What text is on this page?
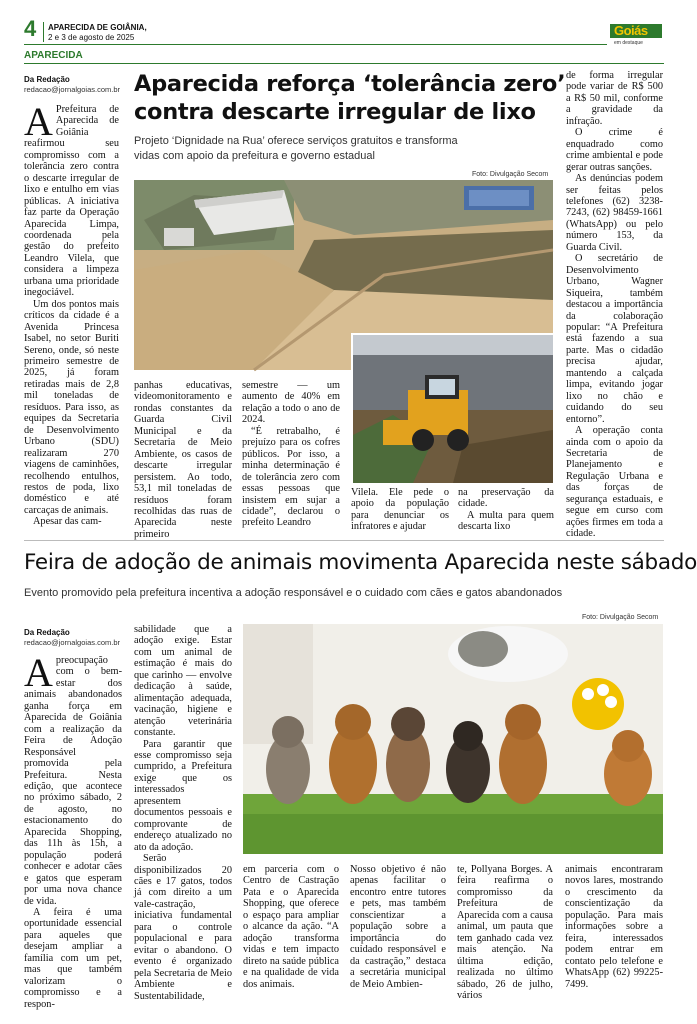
4 APARECIDA DE GOIÂNIA,
2 e 3 de agosto de 2025
APARECIDA
Goiás
em destaque
Da Redação
redacao@jornalgoias.com.br Aparecida reforça ‘tolerância zero’
contra descarte irregular de lixo
Projeto ‘Dignidade na Rua’ oferece serviços gratuitos e transforma
vidas com apoio da prefeitura e governo estadual
Foto: Divulgação Secom
A Prefeitura de Aparecida de Goiânia reafirmou seu compromisso com a tolerância zero contra o descarte irregular de lixo e entulho em vias públicas. A iniciativa faz parte da Operação Aparecida Limpa, coordenada pela gestão do prefeito Leandro Vilela, que considera a limpeza urbana uma prioridade inegociável.

Um dos pontos mais críticos da cidade é a Avenida Princesa Isabel, no setor Buriti Sereno, onde, só neste primeiro semestre de 2025, já foram retiradas mais de 2,8 mil toneladas de resíduos. Para isso, as equipes da Secretaria de Desenvolvimento Urbano (SDU) realizaram 270 viagens de caminhões, recolhendo entulhos, restos de poda, lixo doméstico e até carcaças de animais.

Apesar das cam-

panhas educativas, videomonitoramento e rondas constantes da Guarda Civil Municipal e da Secretaria de Meio Ambiente, os casos de descarte irregular persistem. Ao todo, 53,1 mil toneladas de resíduos foram recolhidas das ruas de Aparecida neste primeiro

semestre — um aumento de 40% em relação a todo o ano de 2024.

“É retrabalho, é prejuízo para os cofres públicos. Por isso, a minha determinação é de tolerância zero com essas pessoas que insistem em sujar a cidade”, declarou o prefeito Leandro

Vilela. Ele pede o apoio da população para denunciar os infratores e ajudar

na preservação da cidade.

A multa para quem descarta lixo

de forma irregular pode variar de R$ 500 a R$ 50 mil, conforme a gravidade da infração.

O crime é enquadrado como crime ambiental e pode gerar outras sanções.

As denúncias podem ser feitas pelos telefones (62) 3238-7243, (62) 98459-1661 (WhatsApp) ou pelo número 153, da Guarda Civil.

O secretário de Desenvolvimento Urbano, Wagner Siqueira, também destacou a importância da colaboração popular: “A Prefeitura está fazendo a sua parte. Mas o cidadão precisa ajudar, mantendo a calçada limpa, evitando jogar lixo no chão e cuidando do seu entorno”.

A operação conta ainda com o apoio da Secretaria de Planejamento e Regulação Urbana e das forças de segurança estaduais, e segue em curso com ações firmes em toda a cidade.

Feira de adoção de animais movimenta Aparecida neste sábado
Evento promovido pela prefeitura incentiva a adoção responsável e o cuidado com cães e gatos abandonados
Foto: Divulgação Secom
Da Redação
redacao@jornalgoias.com.br
A preocupação com o bem-estar dos animais abandonados ganha força em Aparecida de Goiânia com a realização da Feira de Adoção Responsável promovida pela Prefeitura. Nesta edição, que acontece no próximo sábado, 2 de agosto, no estacionamento do Aparecida Shopping, das 11h às 15h, a população poderá conhecer e adotar cães e gatos que esperam por uma nova chance de vida.

A feira é uma oportunidade essencial para aqueles que desejam ampliar a família com um pet, mas que também valorizam o compromisso e a respon-

sabilidade que a adoção exige. Estar com um animal de estimação é mais do que carinho — envolve dedicação à saúde, alimentação adequada, vacinação, higiene e atenção veterinária constante.

Para garantir que esse compromisso seja cumprido, a Prefeitura exige que os interessados apresentem documentos pessoais e comprovante de endereço atualizado no ato da adoção.

Serão disponibilizados 20 cães e 17 gatos, todos já com direito a um vale-castração, iniciativa fundamental para o controle populacional e para evitar o abandono. O evento é organizado pela Secretaria de Meio Ambiente e Sustentabilidade,

em parceria com o Centro de Castração Pata e o Aparecida Shopping, que oferece o espaço para ampliar o alcance da ação. “A adoção transforma vidas e tem impacto direto na saúde pública e na qualidade de vida dos animais.

Nosso objetivo é não apenas facilitar o encontro entre tutores e pets, mas também conscientizar a população sobre a importância do cuidado responsável e da castração,” destaca a secretária municipal de Meio Ambien-

te, Pollyana Borges. A feira reafirma o compromisso da Prefeitura de Aparecida com a causa animal, um pauta que tem ganhado cada vez mais atenção. Na última edição, realizada no último sábado, 26 de julho, vários

animais encontraram novos lares, mostrando o crescimento da conscientização da população. Para mais informações sobre a feira, interessados podem entrar em contato pelo telefone e WhatsApp (62) 99225-7499.
